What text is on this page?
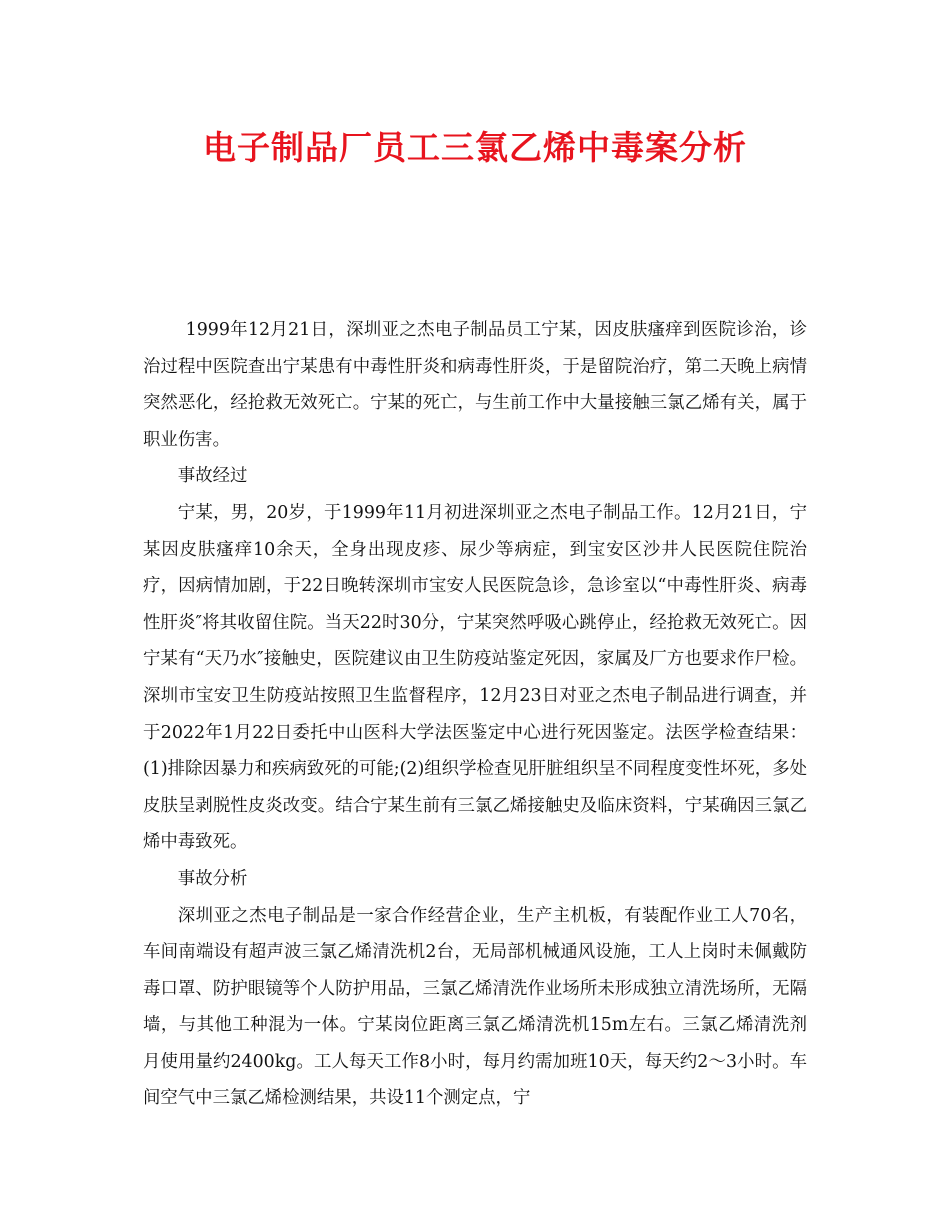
电子制品厂员工三氯乙烯中毒案分析

1999年12月21日，深圳亚之杰电子制品员工宁某，因皮肤瘙痒到医院诊治，诊治过程中医院查出宁某患有中毒性肝炎和病毒性肝炎，于是留院治疗，第二天晚上病情突然恶化，经抢救无效死亡。宁某的死亡，与生前工作中大量接触三氯乙烯有关，属于职业伤害。

事故经过

宁某，男，20岁，于1999年11月初进深圳亚之杰电子制品工作。12月21日，宁某因皮肤瘙痒10余天，全身出现皮疹、尿少等病症，到宝安区沙井人民医院住院治疗，因病情加剧，于22日晚转深圳市宝安人民医院急诊，急诊室以“中毒性肝炎、病毒性肝炎″将其收留住院。当天22时30分，宁某突然呼吸心跳停止，经抢救无效死亡。因宁某有“天乃水″接触史，医院建议由卫生防疫站鉴定死因，家属及厂方也要求作尸检。深圳市宝安卫生防疫站按照卫生监督程序，12月23日对亚之杰电子制品进行调查，并于2022年1月22日委托中山医科大学法医鉴定中心进行死因鉴定。法医学检查结果：(1)排除因暴力和疾病致死的可能;(2)组织学检查见肝脏组织呈不同程度变性坏死，多处皮肤呈剥脱性皮炎改变。结合宁某生前有三氯乙烯接触史及临床资料，宁某确因三氯乙烯中毒致死。

事故分析

深圳亚之杰电子制品是一家合作经营企业，生产主机板，有装配作业工人70名，车间南端设有超声波三氯乙烯清洗机2台，无局部机械通风设施，工人上岗时未佩戴防毒口罩、防护眼镜等个人防护用品，三氯乙烯清洗作业场所未形成独立清洗场所，无隔墙，与其他工种混为一体。宁某岗位距离三氯乙烯清洗机15m左右。三氯乙烯清洗剂月使用量约2400kg。工人每天工作8小时，每月约需加班10天，每天约2～3小时。车间空气中三氯乙烯检测结果，共设11个测定点，宁
